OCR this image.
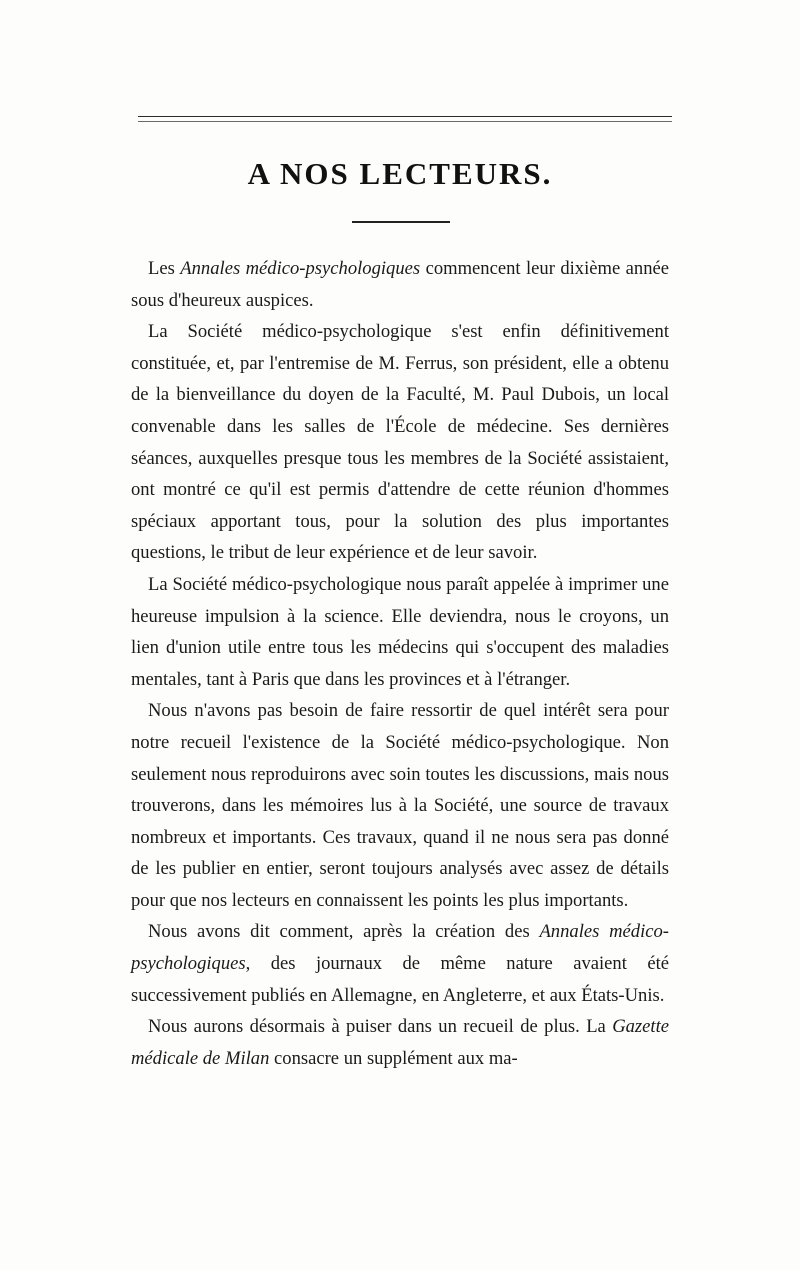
A NOS LECTEURS.

Les Annales médico-psychologiques commencent leur dixième année sous d'heureux auspices.

La Société médico-psychologique s'est enfin définitivement constituée, et, par l'entremise de M. Ferrus, son président, elle a obtenu de la bienveillance du doyen de la Faculté, M. Paul Dubois, un local convenable dans les salles de l'École de médecine. Ses dernières séances, auxquelles presque tous les membres de la Société assistaient, ont montré ce qu'il est permis d'attendre de cette réunion d'hommes spéciaux apportant tous, pour la solution des plus importantes questions, le tribut de leur expérience et de leur savoir.

La Société médico-psychologique nous paraît appelée à imprimer une heureuse impulsion à la science. Elle deviendra, nous le croyons, un lien d'union utile entre tous les médecins qui s'occupent des maladies mentales, tant à Paris que dans les provinces et à l'étranger.

Nous n'avons pas besoin de faire ressortir de quel intérêt sera pour notre recueil l'existence de la Société médico-psychologique. Non seulement nous reproduirons avec soin toutes les discussions, mais nous trouverons, dans les mémoires lus à la Société, une source de travaux nombreux et importants. Ces travaux, quand il ne nous sera pas donné de les publier en entier, seront toujours analysés avec assez de détails pour que nos lecteurs en connaissent les points les plus importants.

Nous avons dit comment, après la création des Annales médico-psychologiques, des journaux de même nature avaient été successivement publiés en Allemagne, en Angleterre, et aux États-Unis.

Nous aurons désormais à puiser dans un recueil de plus. La Gazette médicale de Milan consacre un supplément aux ma-
